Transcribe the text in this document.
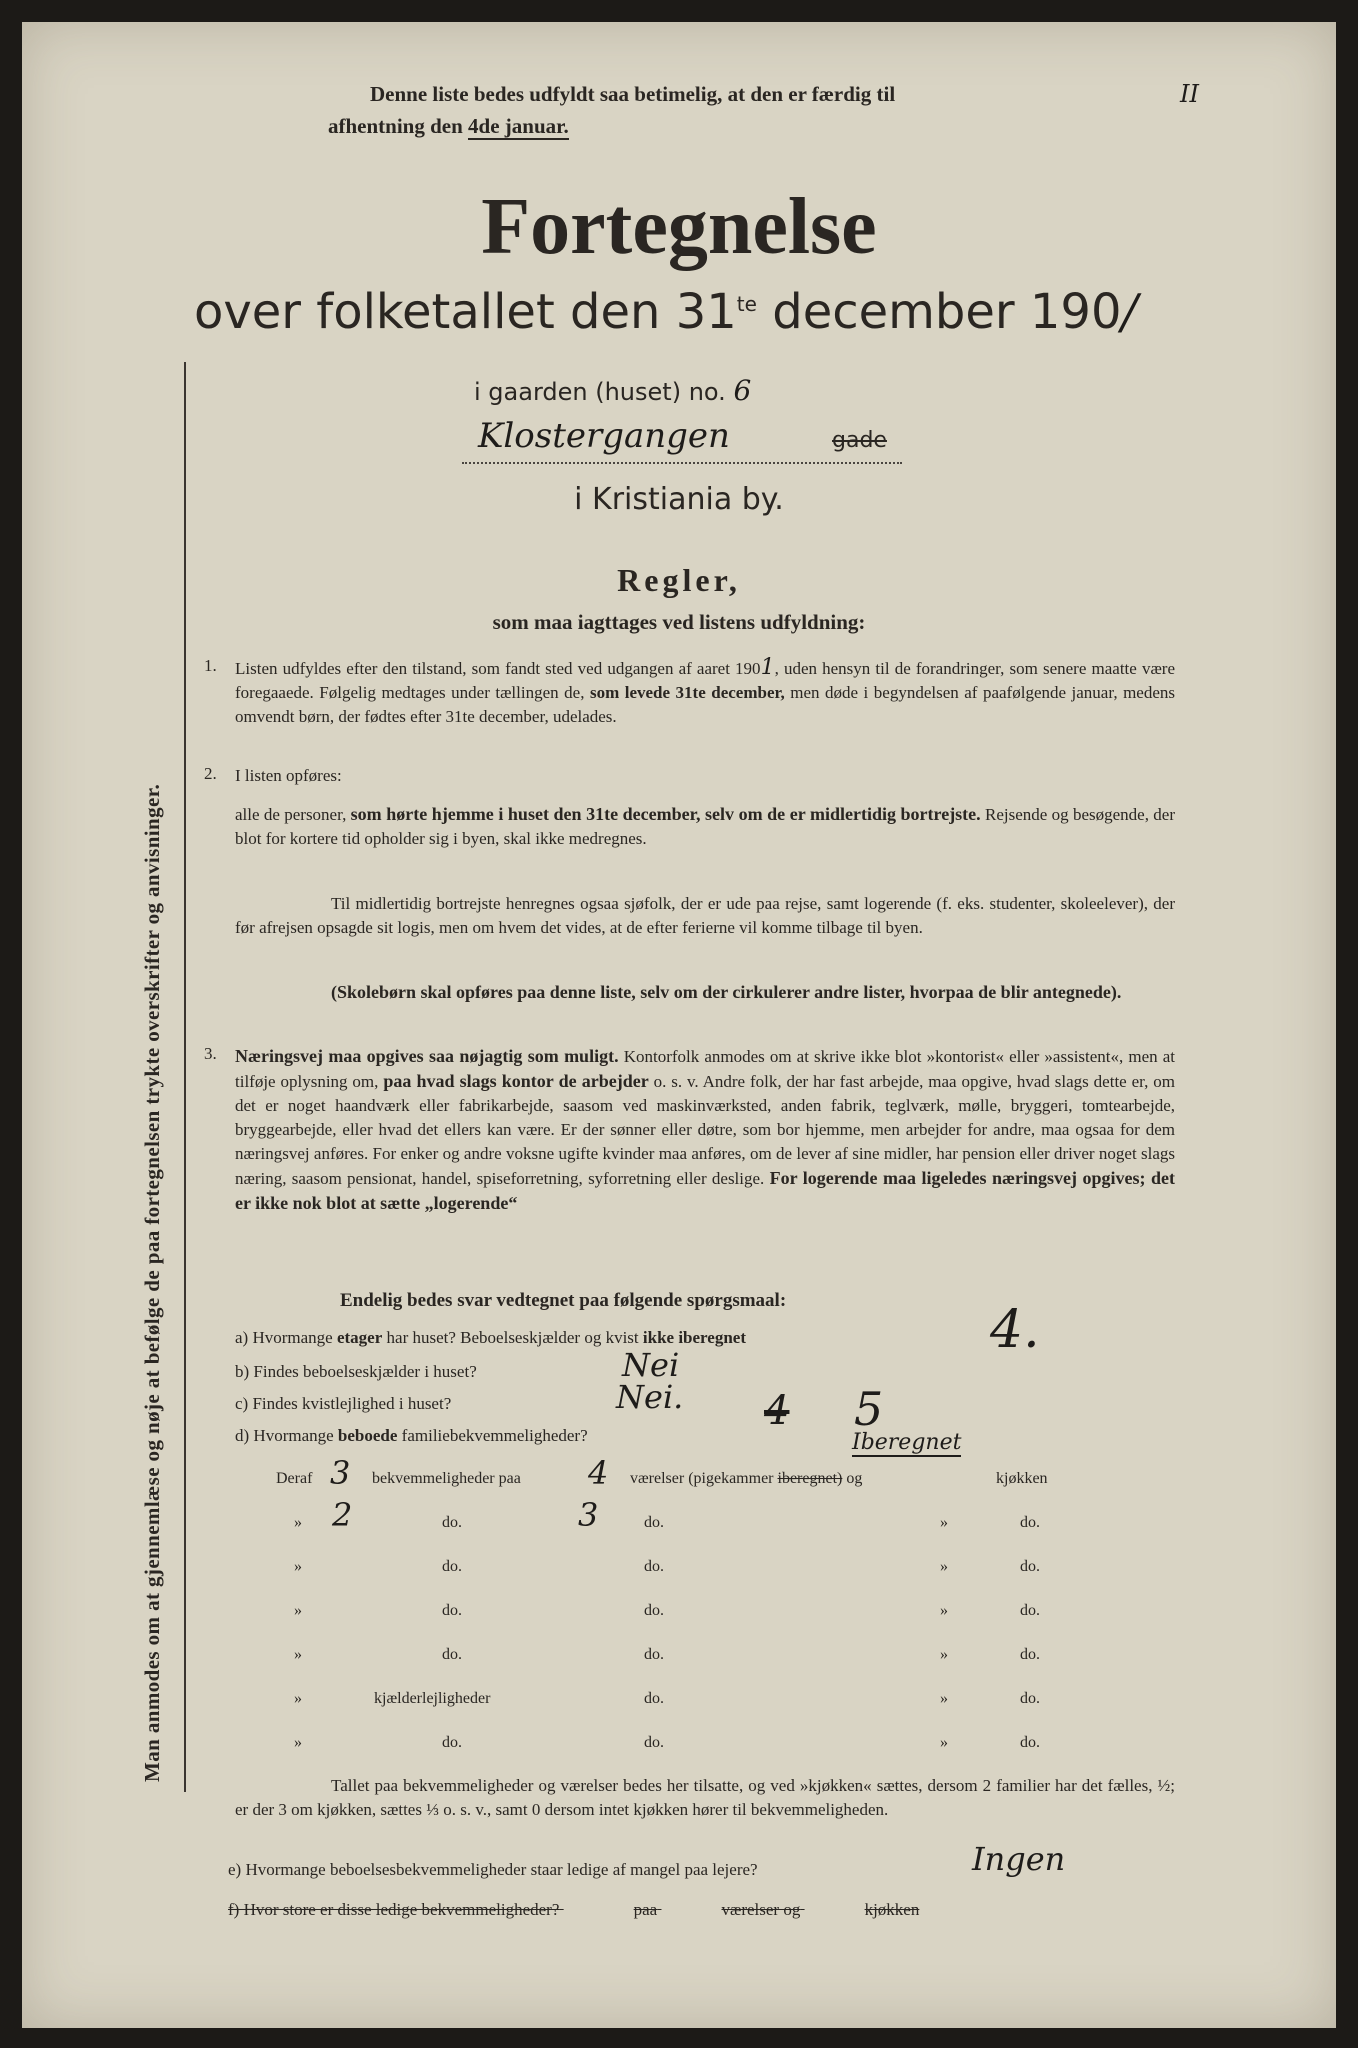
Man anmodes om at gjennemlæse og nøje at befølge de paa fortegnelsen trykte overskrifter og anvisninger.
Denne liste bedes udfyldt saa betimelig, at den er færdig til	II
afhentning den 4de januar.
Fortegnelse
over folketallet den $31^{te}$ december 190/
i gaarden (huset) no. 6
Klostergangen	gade
i Kristiania by.
Regler,
som maa iagttages ved listens udfyldning:
1. Listen udfyldes efter den tilstand, som fandt sted ved udgangen af aaret 1901, uden hensyn til de forandringer, som senere maatte være foregaaede. Følgelig medtages under tællingen de, som levede 31te december, men døde i begyndelsen af paafølgende januar, medens omvendt børn, der fødtes efter 31te december, udelades.
2. I listen opføres:
alle de personer, som hørte hjemme i huset den 31te december, selv om de er midlertidig bortrejste. Rejsende og besøgende, der blot for kortere tid opholder sig i byen, skal ikke medregnes.
Til midlertidig bortrejste henregnes ogsaa sjøfolk, der er ude paa rejse, samt logerende (f. eks. studenter, skoleelever), der før afrejsen opsagde sit logis, men om hvem det vides, at de efter ferierne vil komme tilbage til byen.
(Skolebørn skal opføres paa denne liste, selv om der cirkulerer andre lister, hvorpaa de blir antegnede).
3. Næringsvej maa opgives saa nøjagtig som muligt. Kontorfolk anmodes om at skrive ikke blot »kontorist« eller »assistent«, men at tilføje oplysning om, paa hvad slags kontor de arbejder o. s. v. Andre folk, der har fast arbejde, maa opgive, hvad slags dette er, om det er noget haandværk eller fabrikarbejde, saasom ved maskinværksted, anden fabrik, teglværk, mølle, bryggeri, tomtearbejde, bryggearbejde, eller hvad det ellers kan være. Er der sønner eller døtre, som bor hjemme, men arbejder for andre, maa ogsaa for dem næringsvej anføres. For enker og andre voksne ugifte kvinder maa anføres, om de lever af sine midler, har pension eller driver noget slags næring, saasom pensionat, handel, spiseforretning, syforretning eller deslige. For logerende maa ligeledes næringsvej opgives; det er ikke nok blot at sætte „logerende“
Endelig bedes svar vedtegnet paa følgende spørgsmaal:
a) Hvormange etager har huset? Beboelseskjælder og kvist ikke iberegnet	4.
b) Findes beboelseskjælder i huset?	Nei
c) Findes kvistlejlighed i huset?	Nei.
d) Hvormange beboede familiebekvemmeligheder?
4 5
Iberegnet
Deraf 3 bekvemmeligheder paa 4 værelser (pigekammer iberegnet) og	kjøkken
» 2	do.	3	do.	»	do.
»	do.	do.	»	do.
»	do.	do.	»	do.
»	do.	do.	»	do.
»	kjælderlejligheder	do.	»	do.
»	do.	do.	»	do.
Tallet paa bekvemmeligheder og værelser bedes her tilsatte, og ved »kjøkken« sættes, dersom 2 familier har det fælles, ½; er der 3 om kjøkken, sættes ⅓ o. s. v., samt 0 dersom intet kjøkken hører til bekvemmeligheden.
e) Hvormange beboelsesbekvemmeligheder staar ledige af mangel paa lejere?	Ingen
f) Hvor store er disse ledige bekvemmeligheder?	paa	værelser og	kjøkken
